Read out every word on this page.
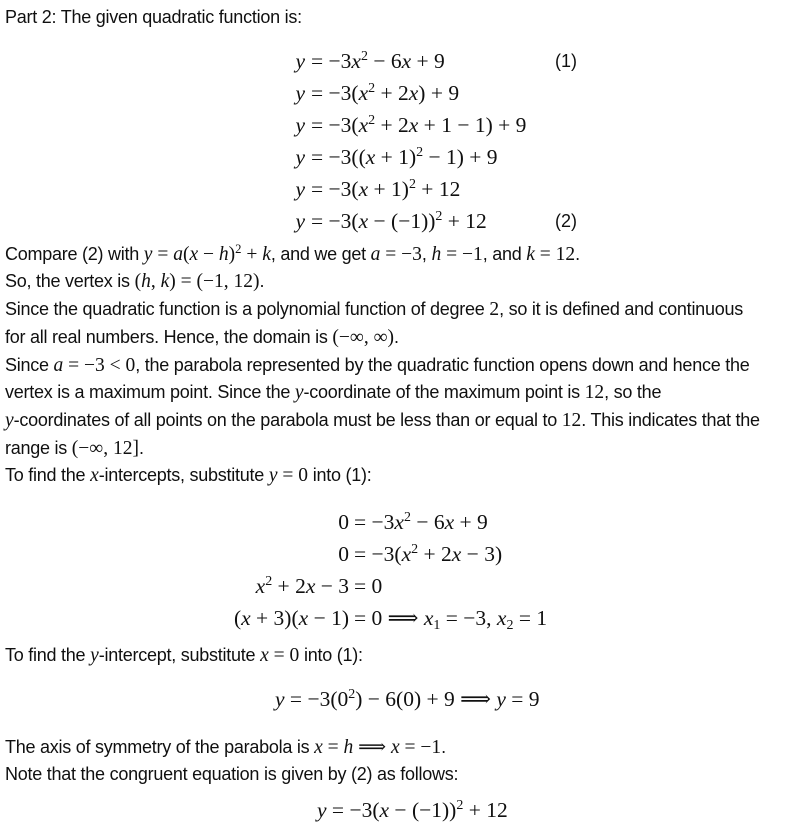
Part 2: The given quadratic function is:
$y = -3x^2 - 6x + 9$	(1)
$y = -3(x^2 + 2x) + 9$
$y = -3(x^2 + 2x + 1 - 1) + 9$
$y = -3((x + 1)^2 - 1) + 9$
$y = -3(x + 1)^2 + 12$
$y = -3(x - (-1))^2 + 12$	(2)
Compare (2) with $y = a(x - h)^2 + k$, and we get a = −3, h = −1, and k = 12.
So, the vertex is (h, k) = (−1, 12).
Since the quadratic function is a polynomial function of degree 2, so it is defined and continuous
for all real numbers. Hence, the domain is (−∞, ∞).
Since a = −3 < 0, the parabola represented by the quadratic function opens down and hence the
vertex is a maximum point. Since the y-coordinate of the maximum point is 12, so the
y-coordinates of all points on the parabola must be less than or equal to 12. This indicates that the
range is (−∞, 12].
To find the x-intercepts, substitute y = 0 into (1):
$0 = -3x^2 - 6x + 9$
$0 = -3(x^2 + 2x - 3)$
$x^2 + 2x - 3 = 0$
(x + 3)(x − 1) = 0 ⟹ $x_1 = -3$, $x_2 = 1$
To find the y-intercept, substitute x = 0 into (1):
$y = -3(0^2) - 6(0) + 9$ ⟹ y = 9
The axis of symmetry of the parabola is x = h ⟹ x = −1.
Note that the congruent equation is given by (2) as follows:
$y = -3(x - (-1))^2 + 12$
